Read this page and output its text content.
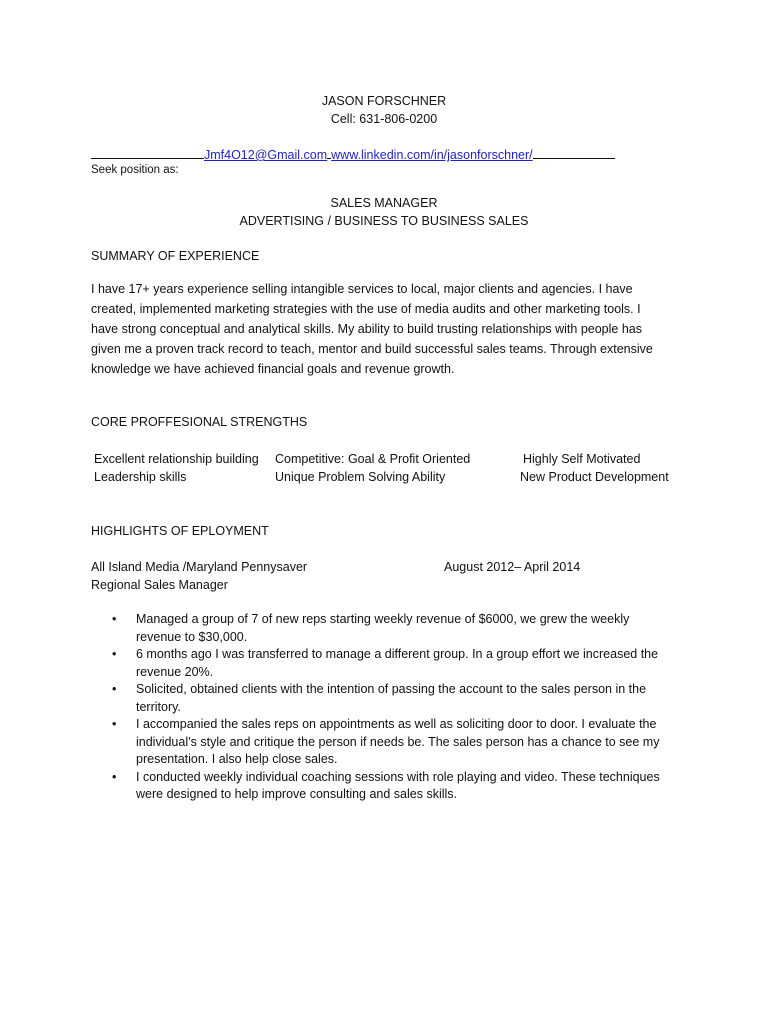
JASON FORSCHNER
Cell: 631-806-0200
Jmf4O12@Gmail.com www.linkedin.com/in/jasonforschner/
Seek position as:
SALES MANAGER
ADVERTISING / BUSINESS TO BUSINESS SALES
SUMMARY OF EXPERIENCE
I have 17+ years experience selling intangible services to local, major clients and agencies. I have created, implemented marketing strategies with the use of media audits and other marketing tools. I have strong conceptual and analytical skills. My ability to build trusting relationships with people has given me a proven track record to teach, mentor and build successful sales teams. Through extensive knowledge we have achieved financial goals and revenue growth.
CORE PROFFESIONAL STRENGTHS
Excellent relationship building
Leadership skills
Competitive: Goal & Profit Oriented
Unique Problem Solving Ability
Highly Self Motivated
New Product Development
HIGHLIGHTS OF EPLOYMENT
All Island Media /Maryland Pennysaver	August 2012– April 2014
Regional Sales Manager
• Managed a group of 7 of new reps starting weekly revenue of $6000, we grew the weekly revenue to $30,000.
• 6 months ago I was transferred to manage a different group. In a group effort we increased the revenue 20%.
• Solicited, obtained clients with the intention of passing the account to the sales person in the territory.
• I accompanied the sales reps on appointments as well as soliciting door to door. I evaluate the individual’s style and critique the person if needs be. The sales person has a chance to see my presentation. I also help close sales.
• I conducted weekly individual coaching sessions with role playing and video. These techniques were designed to help improve consulting and sales skills.
